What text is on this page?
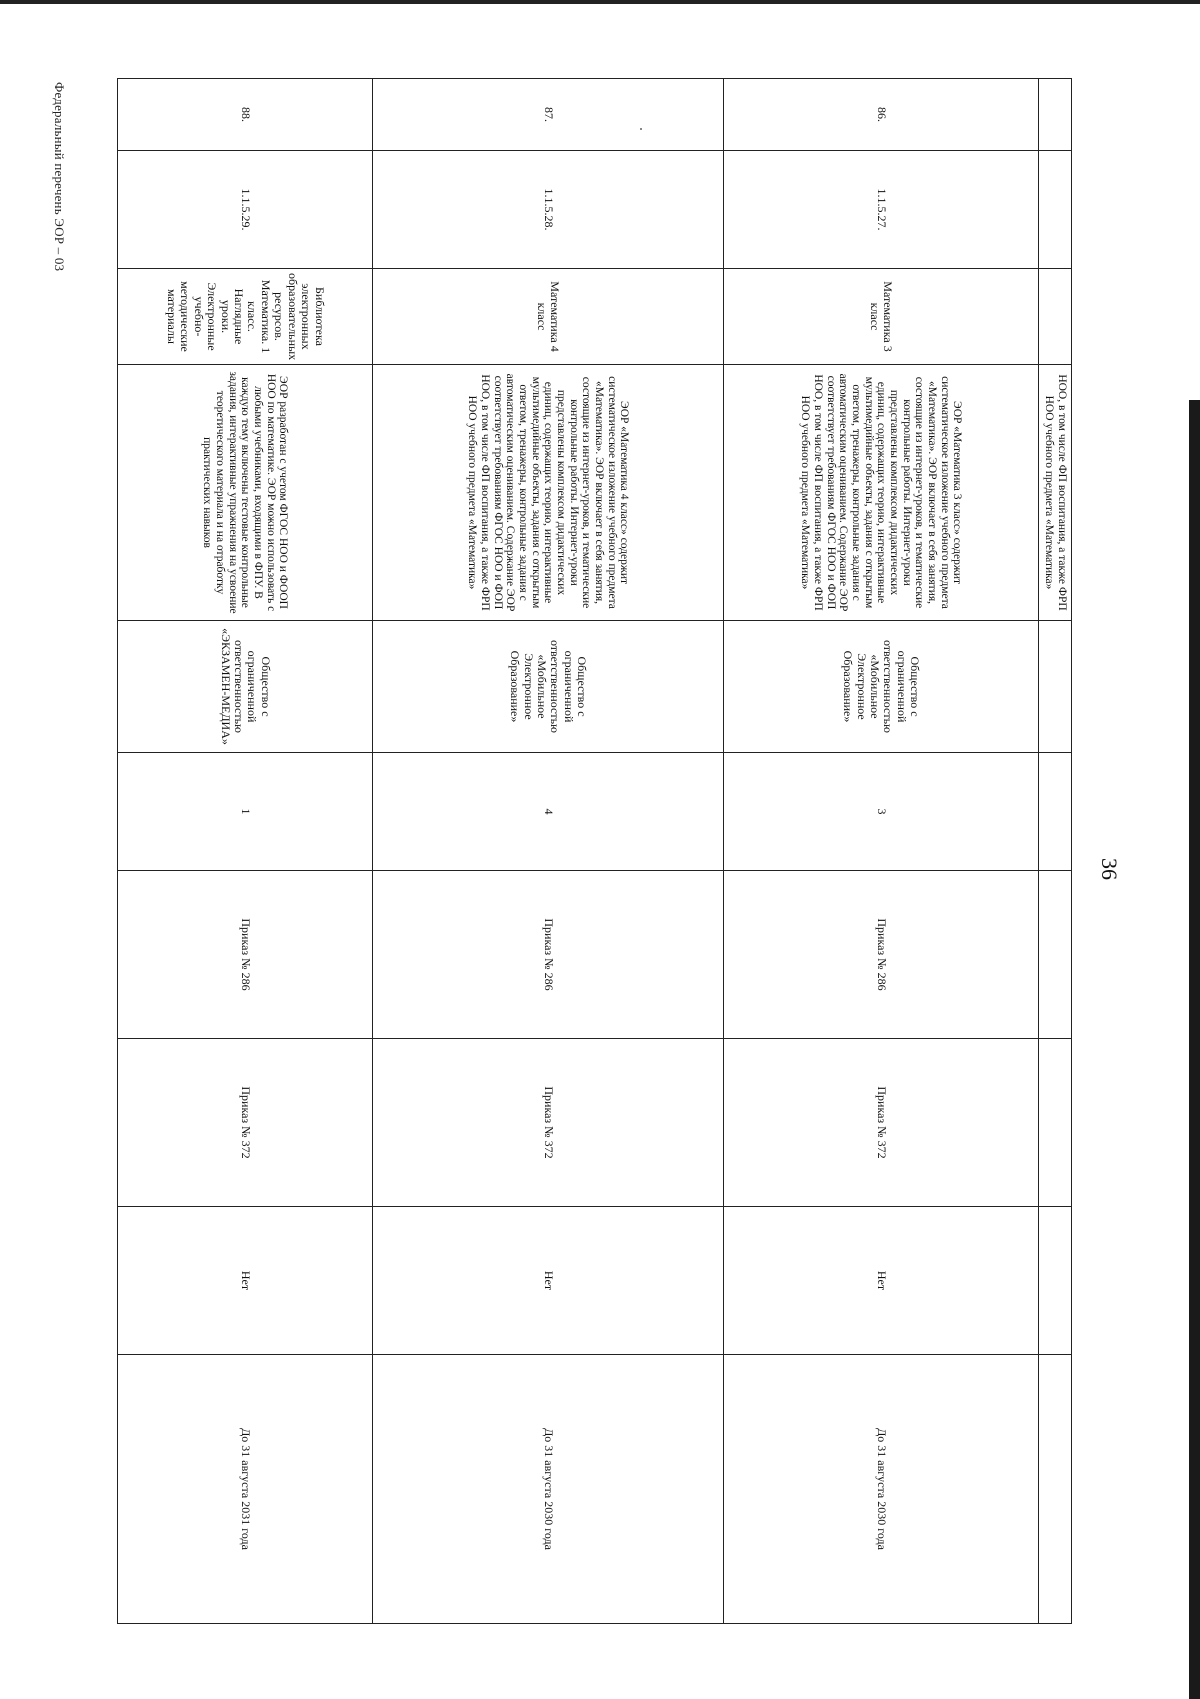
Федеральный перечень ЭОР – 03
36
			НОО, в том числе ФП воспитания, а также ФРП НОО учебного предмета «Математика»						
86.	1.1.5.27.	Математика 3 класс	ЭОР «Математика 3 класс» содержит систематическое изложение учебного предмета «Математика». ЭОР включает в себя занятия, состоящие из интернет-уроков, и тематические контрольные работы. Интернет-уроки представлены комплексом дидактических единиц, содержащих теорию, интерактивные мультимедийные объекты, задания с открытым ответом, тренажеры, контрольные задания с автоматическим оцениванием. Содержание ЭОР соответствует требованиям ФГОС НОО и ФОП НОО, в том числе ФП воспитания, а также ФРП НОО учебного предмета «Математика»	Общество с ограниченной ответственностью «Мобильное Электронное Образование»	3	Приказ № 286	Приказ № 372	Нет	До 31 августа 2030 года
87.	1.1.5.28.	Математика 4 класс	ЭОР «Математика 4 класс» содержит систематическое изложение учебного предмета «Математика». ЭОР включает в себя занятия, состоящие из интернет-уроков, и тематические контрольные работы. Интернет-уроки представлены комплексом дидактических единиц, содержащих теорию, интерактивные мультимедийные объекты, задания с открытым ответом, тренажеры, контрольные задания с автоматическим оцениванием. Содержание ЭОР соответствует требованиям ФГОС НОО и ФОП НОО, в том числе ФП воспитания, а также ФРП НОО учебного предмета «Математика»	Общество с ограниченной ответственностью «Мобильное Электронное Образование»	4	Приказ № 286	Приказ № 372	Нет	До 31 августа 2030 года
88.	1.1.5.29.	Библиотека электронных образовательных ресурсов. Математика. 1 класс. Наглядные уроки. Электронные учебно-методические материалы	ЭОР разработан с учетом ФГОС НОО и ФООП НОО по математике. ЭОР можно использовать с любыми учебниками, входящими в ФПУ. В каждую тему включены тестовые контрольные задания, интерактивные упражнения на усвоение теоретического материала и на отработку практических навыков	Общество с ограниченной ответственностью «ЭКЗАМЕН-МЕДИА»	1	Приказ № 286	Приказ № 372	Нет	До 31 августа 2031 года
